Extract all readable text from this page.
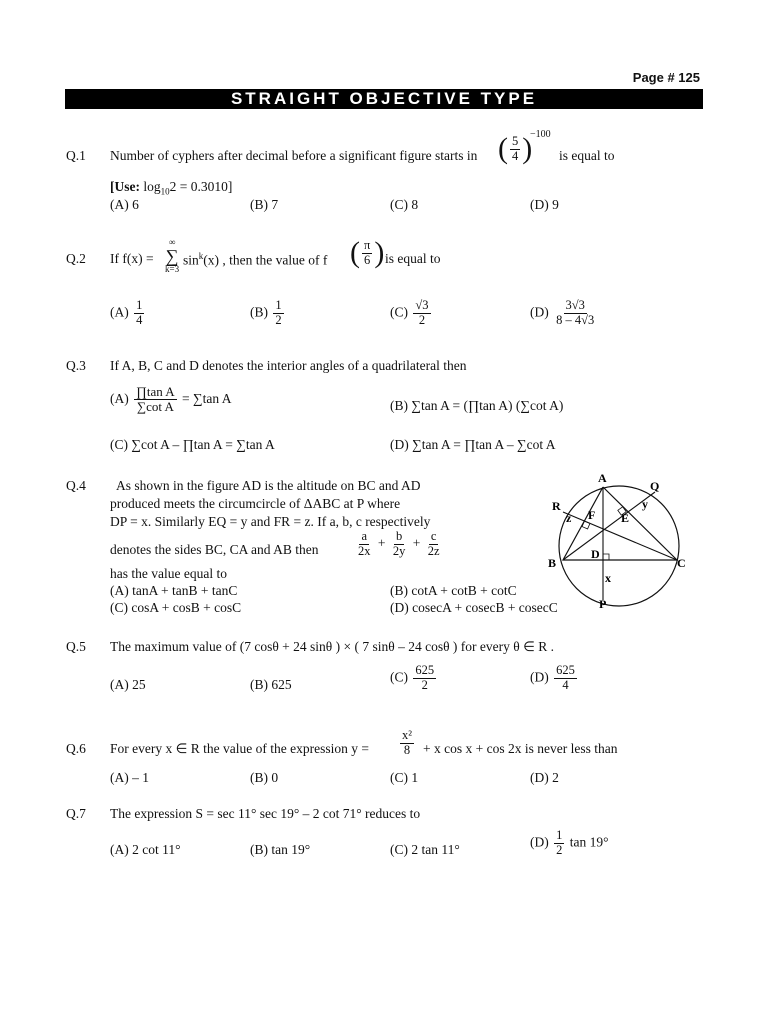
Page # 125
STRAIGHT OBJECTIVE TYPE
Q.1 Number of cyphers after decimal before a significant figure starts in ( $\frac{5}{4}$ )
−100
is equal to
[Use: $\log_{10}2 = 0.3010$]
(A) 6	(B) 7	(C) 8	(D) 9
Q.2 If f(x) =
∞
∑
k=3
$\sin^k(x)$ , then the value of f ( $\frac{\pi}{6}$ ) is equal to
$(A) \frac{1}{4}$	$(B) \frac{1}{2}$	$(C) \frac{√3}{2}$	$(D) \frac{3√3}{8 - 4√3}$
Q.3 If A, B, C and D denotes the interior angles of a quadrilateral then
$(A) \frac{\text{∏tan A}}{\text{∑cot A}} = \sum\tan$ A	(B) ∑tan A = (∏tan A) (∑cot A)
(C) ∑cot A – ∏tan A = ∑tan A	(D) ∑tan A = ∏tan A – ∑cot A
Q.4 As shown in the figure AD is the altitude on BC and AD
produced meets the circumcircle of ΔABC at P where
DP = x. Similarly EQ = y and FR = z. If a, b, c respectively
denotes the sides BC, CA and AB then	$\frac{a}{2x} + \frac{b}{2y} + \frac{c}{2z}$
has the value equal to
(A) tanA + tanB + tanC	(B) cotA + cotB + cotC
(C) cosA + cosB + cosC	(D) cosecA + cosecB + cosecC
A
B	C
D
E
F
P
Q
R
x
y
z
Q.5 The maximum value of (7 cosθ + 24 sinθ ) × ( 7 sinθ – 24 cosθ ) for every θ ∈ R .
(A) 25	(B) 625
$(C) \frac{625}{2}$	$(D) \frac{625}{4}$
Q.6 For every x ∈ R the value of the expression $y = \frac{\text{x²}}{8} + x$ cos x + cos 2x is never less than
(A) – 1	(B) 0	(C) 1	(D) 2
Q.7 The expression S = sec 11° sec 19° – 2 cot 71° reduces to
(A) 2 cot 11°	(B) tan 19°	(C) 2 tan 11°
$(D) \frac{1}{2}$ tan 19°
